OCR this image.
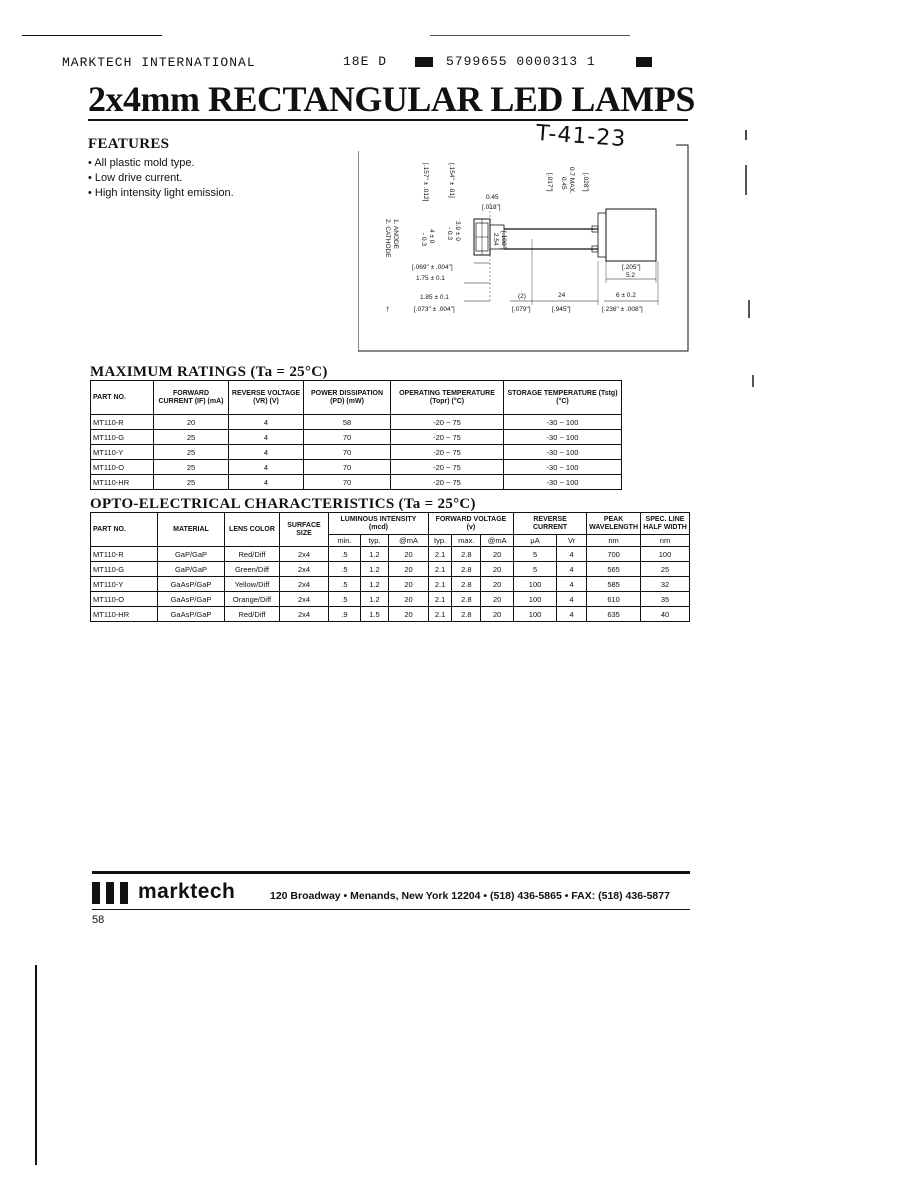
MARKTECH INTERNATIONAL	18E D	5799655 0000313 1
2x4mm RECTANGULAR LED LAMPS
T-41-23
FEATURES
• All plastic mold type.
• Low drive current.
• High intensity light emission.
1. ANODE
2. CATHODE
[.157" ± .012]	[.154" ± .01]
4 ± 0
- 0.3	3.9 ± 0
- 0.3
[.017"] 0.45 0.7 MAX. [.028"]
[.100"]
2.54
0.45
[.018"]
[.069" ± .004"]
1.75 ± 0.1
1.85 ± 0.1
[.073" ± .004"]
†
(2)
[.079"]
24
[.945"]
[.205"]
5.2
6 ± 0.2
[.236" ± .008"]
MAXIMUM RATINGS (Ta = 25°C)
PART NO.	FORWARD CURRENT (IF) (mA)	REVERSE VOLTAGE (VR) (V)	POWER DISSIPATION (PD) (mW)	OPERATING TEMPERATURE (Topr) (°C)	STORAGE TEMPERATURE (Tstg) (°C)
MT110-R	20	4	58	-20 ~ 75	-30 ~ 100
MT110-G	25	4	70	-20 ~ 75	-30 ~ 100
MT110-Y	25	4	70	-20 ~ 75	-30 ~ 100
MT110-O	25	4	70	-20 ~ 75	-30 ~ 100
MT110-HR	25	4	70	-20 ~ 75	-30 ~ 100
OPTO-ELECTRICAL CHARACTERISTICS (Ta = 25°C)
PART NO.	MATERIAL	LENS COLOR	SURFACE SIZE	LUMINOUS INTENSITY (mcd)			FORWARD VOLTAGE (v)			REVERSE CURRENT		PEAK WAVELENGTH	SPEC. LINE HALF WIDTH
				min.	typ.	@mA	typ.	max.	@mA	μA	Vr	nm	nm
MT110-R	GaP/GaP	Red/Diff	2x4	.5	1.2	20	2.1	2.8	20	5	4	700	100
MT110-G	GaP/GaP	Green/Diff	2x4	.5	1.2	20	2.1	2.8	20	5	4	565	25
MT110-Y	GaAsP/GaP	Yellow/Diff	2x4	.5	1.2	20	2.1	2.8	20	100	4	585	32
MT110-O	GaAsP/GaP	Orange/Diff	2x4	.5	1.2	20	2.1	2.8	20	100	4	610	35
MT110-HR	GaAsP/GaP	Red/Diff	2x4	.9	1.5	20	2.1	2.8	20	100	4	635	40
marktech	120 Broadway • Menands, New York 12204 • (518) 436-5865 • FAX: (518) 436-5877
58
